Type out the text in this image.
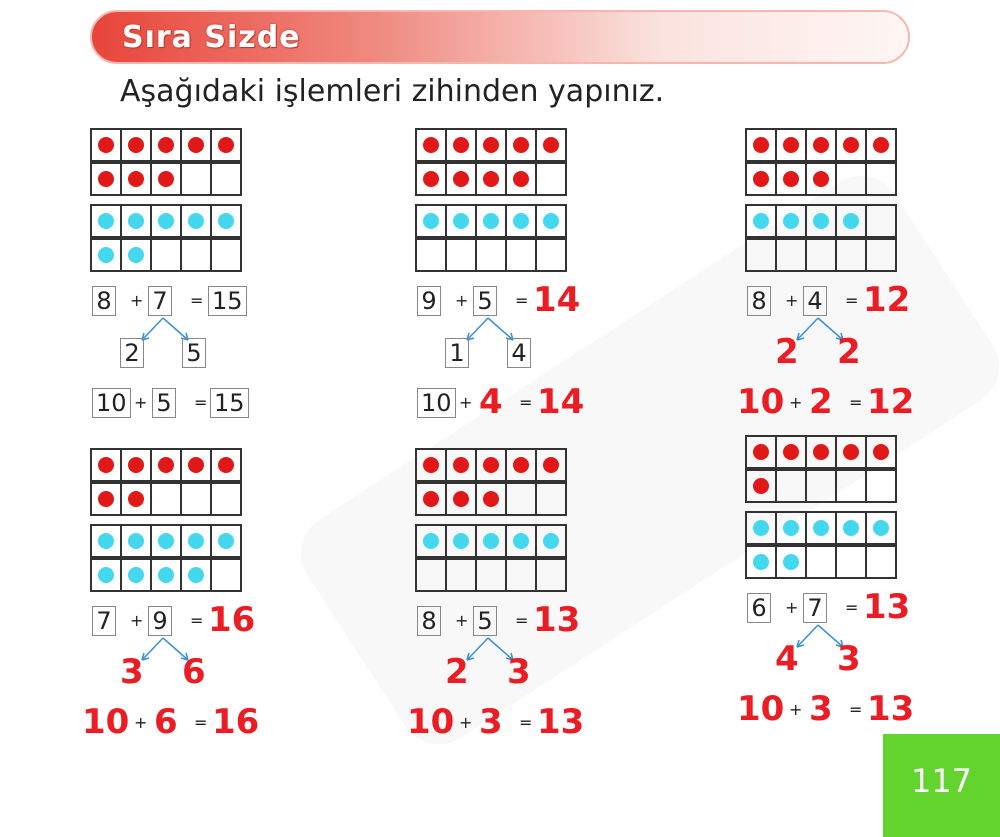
Sıra Sizde
Aşağıdaki işlemleri zihinden yapınız.
8 + 7 = 15
2 5
10 + 5 = 15
9 + 5 = 14
1 4
10 + 4 = 14
8 + 4 = 12
2 2
10 + 2 = 12
7 + 9 = 16
3 6
10 + 6 = 16
8 + 5 = 13
2 3
10 + 3 = 13
6 + 7 = 13
4 3
10 + 3 = 13
117
